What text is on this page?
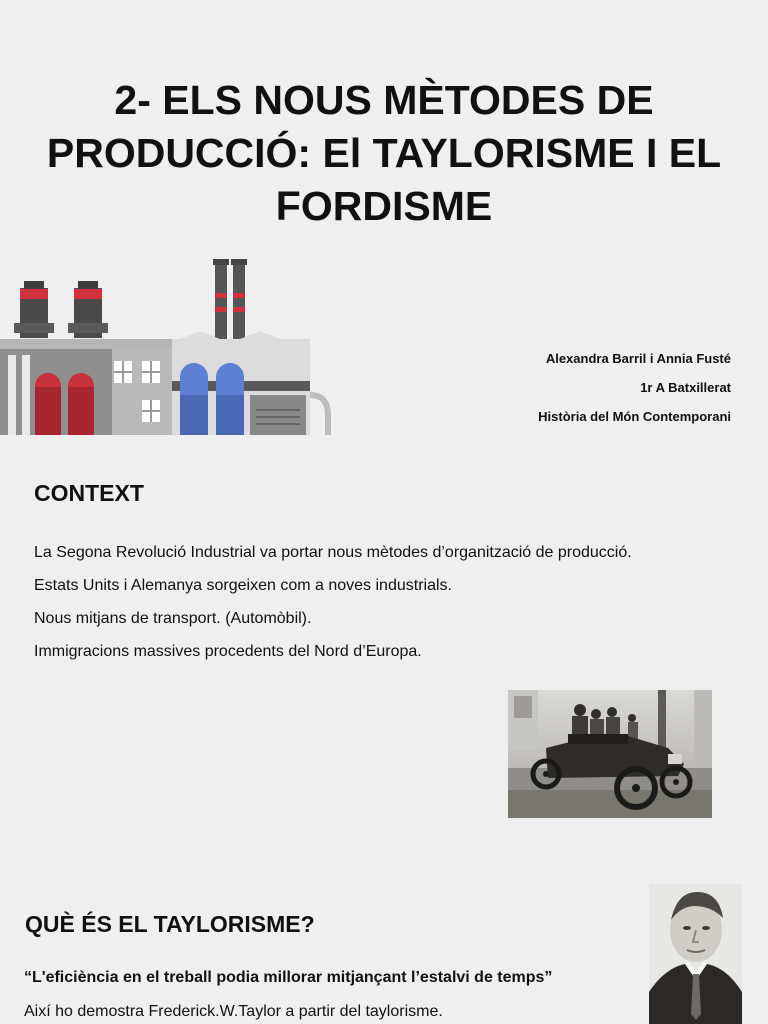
2- ELS NOUS MÈTODES DE PRODUCCIÓ: El TAYLORISME I EL FORDISME
Alexandra Barril i Annia Fusté
1r A Batxillerat
Història del Món Contemporani
CONTEXT
La Segona Revolució Industrial va portar nous mètodes d’organització de producció.
Estats Units i Alemanya sorgeixen com a noves industrials.
Nous mitjans de transport. (Automòbil).
Immigracions massives procedents del Nord d’Europa.
QUÈ ÉS EL TAYLORISME?
“L'eficiència en el treball podia millorar mitjançant l’estalvi de temps”
Així ho demostra Frederick.W.Taylor a partir del taylorisme.
